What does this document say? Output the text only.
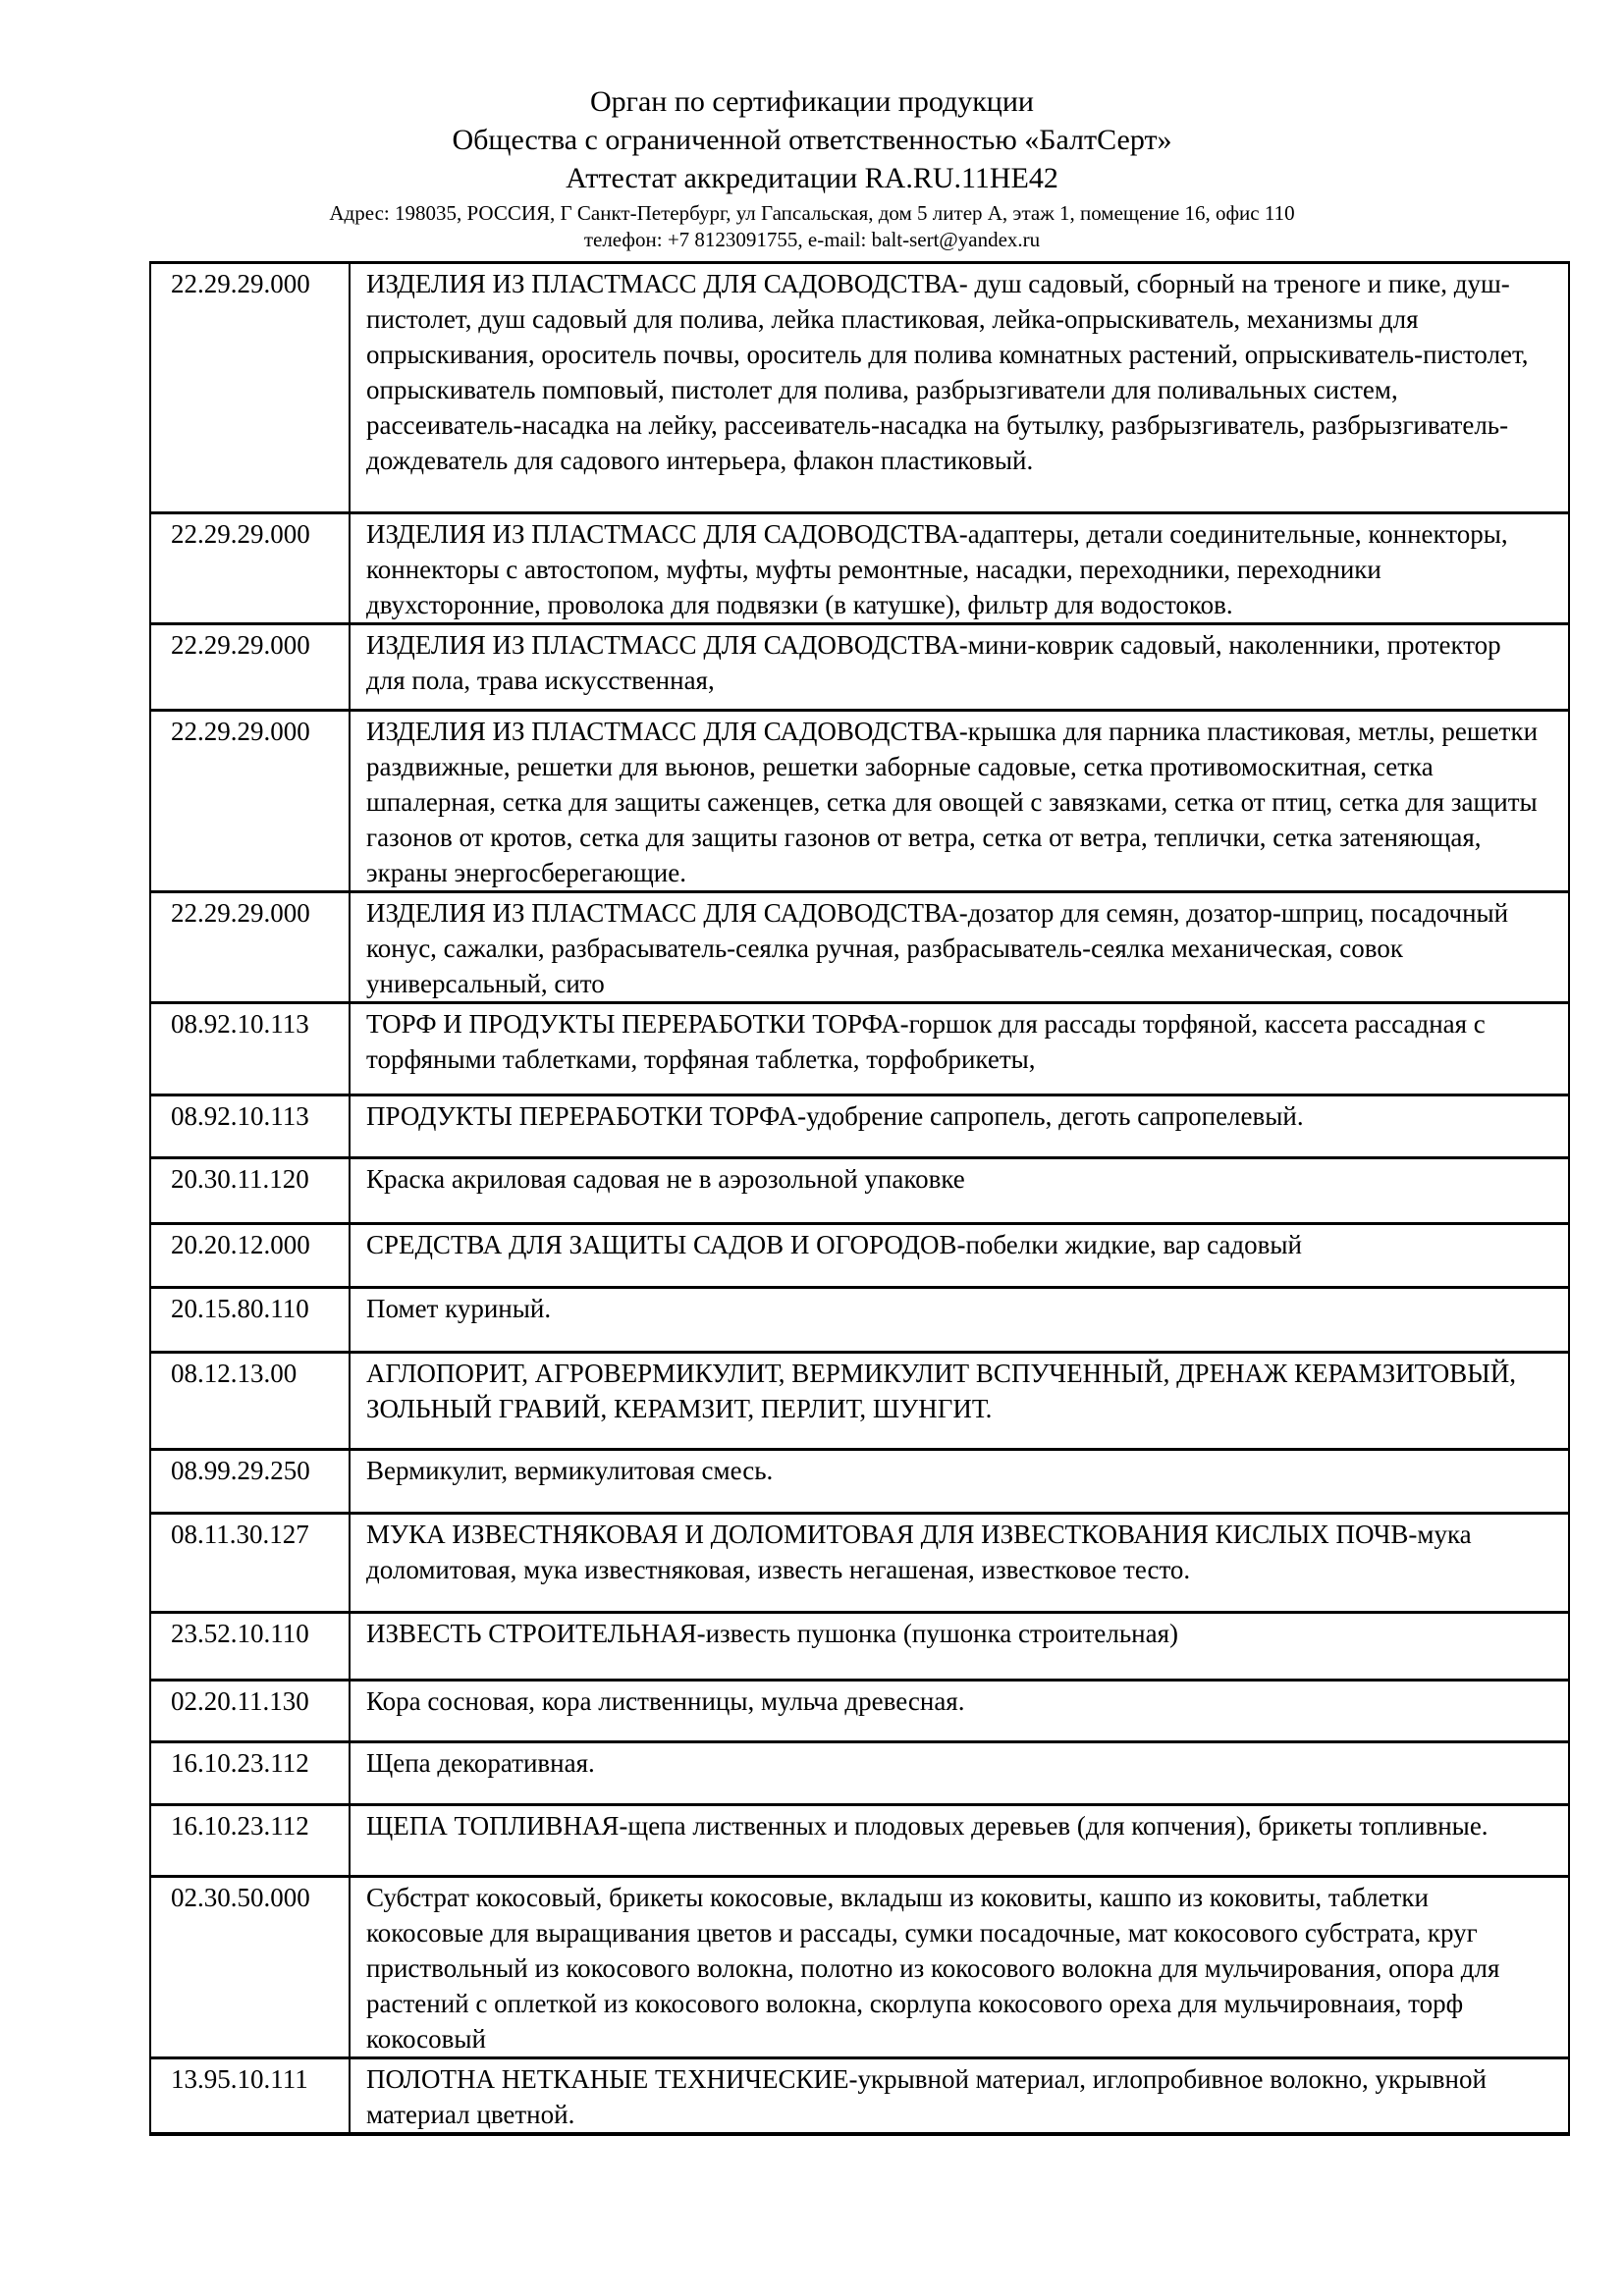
Орган по сертификации продукции
Общества с ограниченной ответственностью «БалтСерт»
Аттестат аккредитации RA.RU.11НЕ42
Адрес: 198035, РОССИЯ, Г Санкт-Петербург, ул Гапсальская, дом 5 литер А, этаж 1, помещение 16, офис 110
телефон: +7 8123091755, e-mail: balt-sert@yandex.ru
22.29.29.000	ИЗДЕЛИЯ ИЗ ПЛАСТМАСС ДЛЯ САДОВОДСТВА- душ садовый, сборный на треноге и пике, душ-пистолет, душ садовый для полива, лейка пластиковая, лейка-опрыскиватель, механизмы для опрыскивания, ороситель почвы, ороситель для полива комнатных растений, опрыскиватель-пистолет, опрыскиватель помповый, пистолет для полива, разбрызгиватели для поливальных систем, рассеиватель-насадка на лейку, рассеиватель-насадка на бутылку, разбрызгиватель, разбрызгиватель-дождеватель для садового интерьера, флакон пластиковый.
22.29.29.000	ИЗДЕЛИЯ ИЗ ПЛАСТМАСС ДЛЯ САДОВОДСТВА-адаптеры, детали соединительные, коннекторы, коннекторы с автостопом, муфты, муфты ремонтные, насадки, переходники, переходники двухсторонние, проволока для подвязки (в катушке), фильтр для водостоков.
22.29.29.000	ИЗДЕЛИЯ ИЗ ПЛАСТМАСС ДЛЯ САДОВОДСТВА-мини-коврик садовый, наколенники, протектор для пола, трава искусственная,
22.29.29.000	ИЗДЕЛИЯ ИЗ ПЛАСТМАСС ДЛЯ САДОВОДСТВА-крышка для парника пластиковая, метлы, решетки раздвижные, решетки для вьюнов, решетки заборные садовые, сетка противомоскитная, сетка шпалерная, сетка для защиты саженцев, сетка для овощей с завязками, сетка от птиц, сетка для защиты газонов от кротов, сетка для защиты газонов от ветра, сетка от ветра, теплички, сетка затеняющая, экраны энергосберегающие.
22.29.29.000	ИЗДЕЛИЯ ИЗ ПЛАСТМАСС ДЛЯ САДОВОДСТВА-дозатор для семян, дозатор-шприц, посадочный конус, сажалки, разбрасыватель-сеялка ручная, разбрасыватель-сеялка механическая, совок универсальный, сито
08.92.10.113	ТОРФ И ПРОДУКТЫ ПЕРЕРАБОТКИ ТОРФА-горшок для рассады торфяной, кассета рассадная с торфяными таблетками, торфяная таблетка, торфобрикеты,
08.92.10.113	ПРОДУКТЫ ПЕРЕРАБОТКИ ТОРФА-удобрение сапропель, деготь сапропелевый.
20.30.11.120	Краска акриловая садовая не в аэрозольной упаковке
20.20.12.000	СРЕДСТВА ДЛЯ ЗАЩИТЫ САДОВ И ОГОРОДОВ-побелки жидкие, вар садовый
20.15.80.110	Помет куриный.
08.12.13.00	АГЛОПОРИТ, АГРОВЕРМИКУЛИТ, ВЕРМИКУЛИТ ВСПУЧЕННЫЙ, ДРЕНАЖ КЕРАМЗИТОВЫЙ, ЗОЛЬНЫЙ ГРАВИЙ, КЕРАМЗИТ, ПЕРЛИТ, ШУНГИТ.
08.99.29.250	Вермикулит, вермикулитовая смесь.
08.11.30.127	МУКА ИЗВЕСТНЯКОВАЯ И ДОЛОМИТОВАЯ ДЛЯ ИЗВЕСТКОВАНИЯ КИСЛЫХ ПОЧВ-мука доломитовая, мука известняковая, известь негашеная, известковое тесто.
23.52.10.110	ИЗВЕСТЬ СТРОИТЕЛЬНАЯ-известь пушонка (пушонка строительная)
02.20.11.130	Кора сосновая, кора лиственницы, мульча древесная.
16.10.23.112	Щепа декоративная.
16.10.23.112	ЩЕПА ТОПЛИВНАЯ-щепа лиственных и плодовых деревьев (для копчения), брикеты топливные.
02.30.50.000	Субстрат кокосовый, брикеты кокосовые, вкладыш из коковиты, кашпо из коковиты, таблетки кокосовые для выращивания цветов и рассады, сумки посадочные, мат кокосового субстрата, круг приствольный из кокосового волокна, полотно из кокосового волокна для мульчирования, опора для растений с оплеткой из кокосового волокна, скорлупа кокосового ореха для мульчировнаия, торф кокосовый
13.95.10.111	ПОЛОТНА НЕТКАНЫЕ ТЕХНИЧЕСКИЕ-укрывной материал, иглопробивное волокно, укрывной материал цветной.
